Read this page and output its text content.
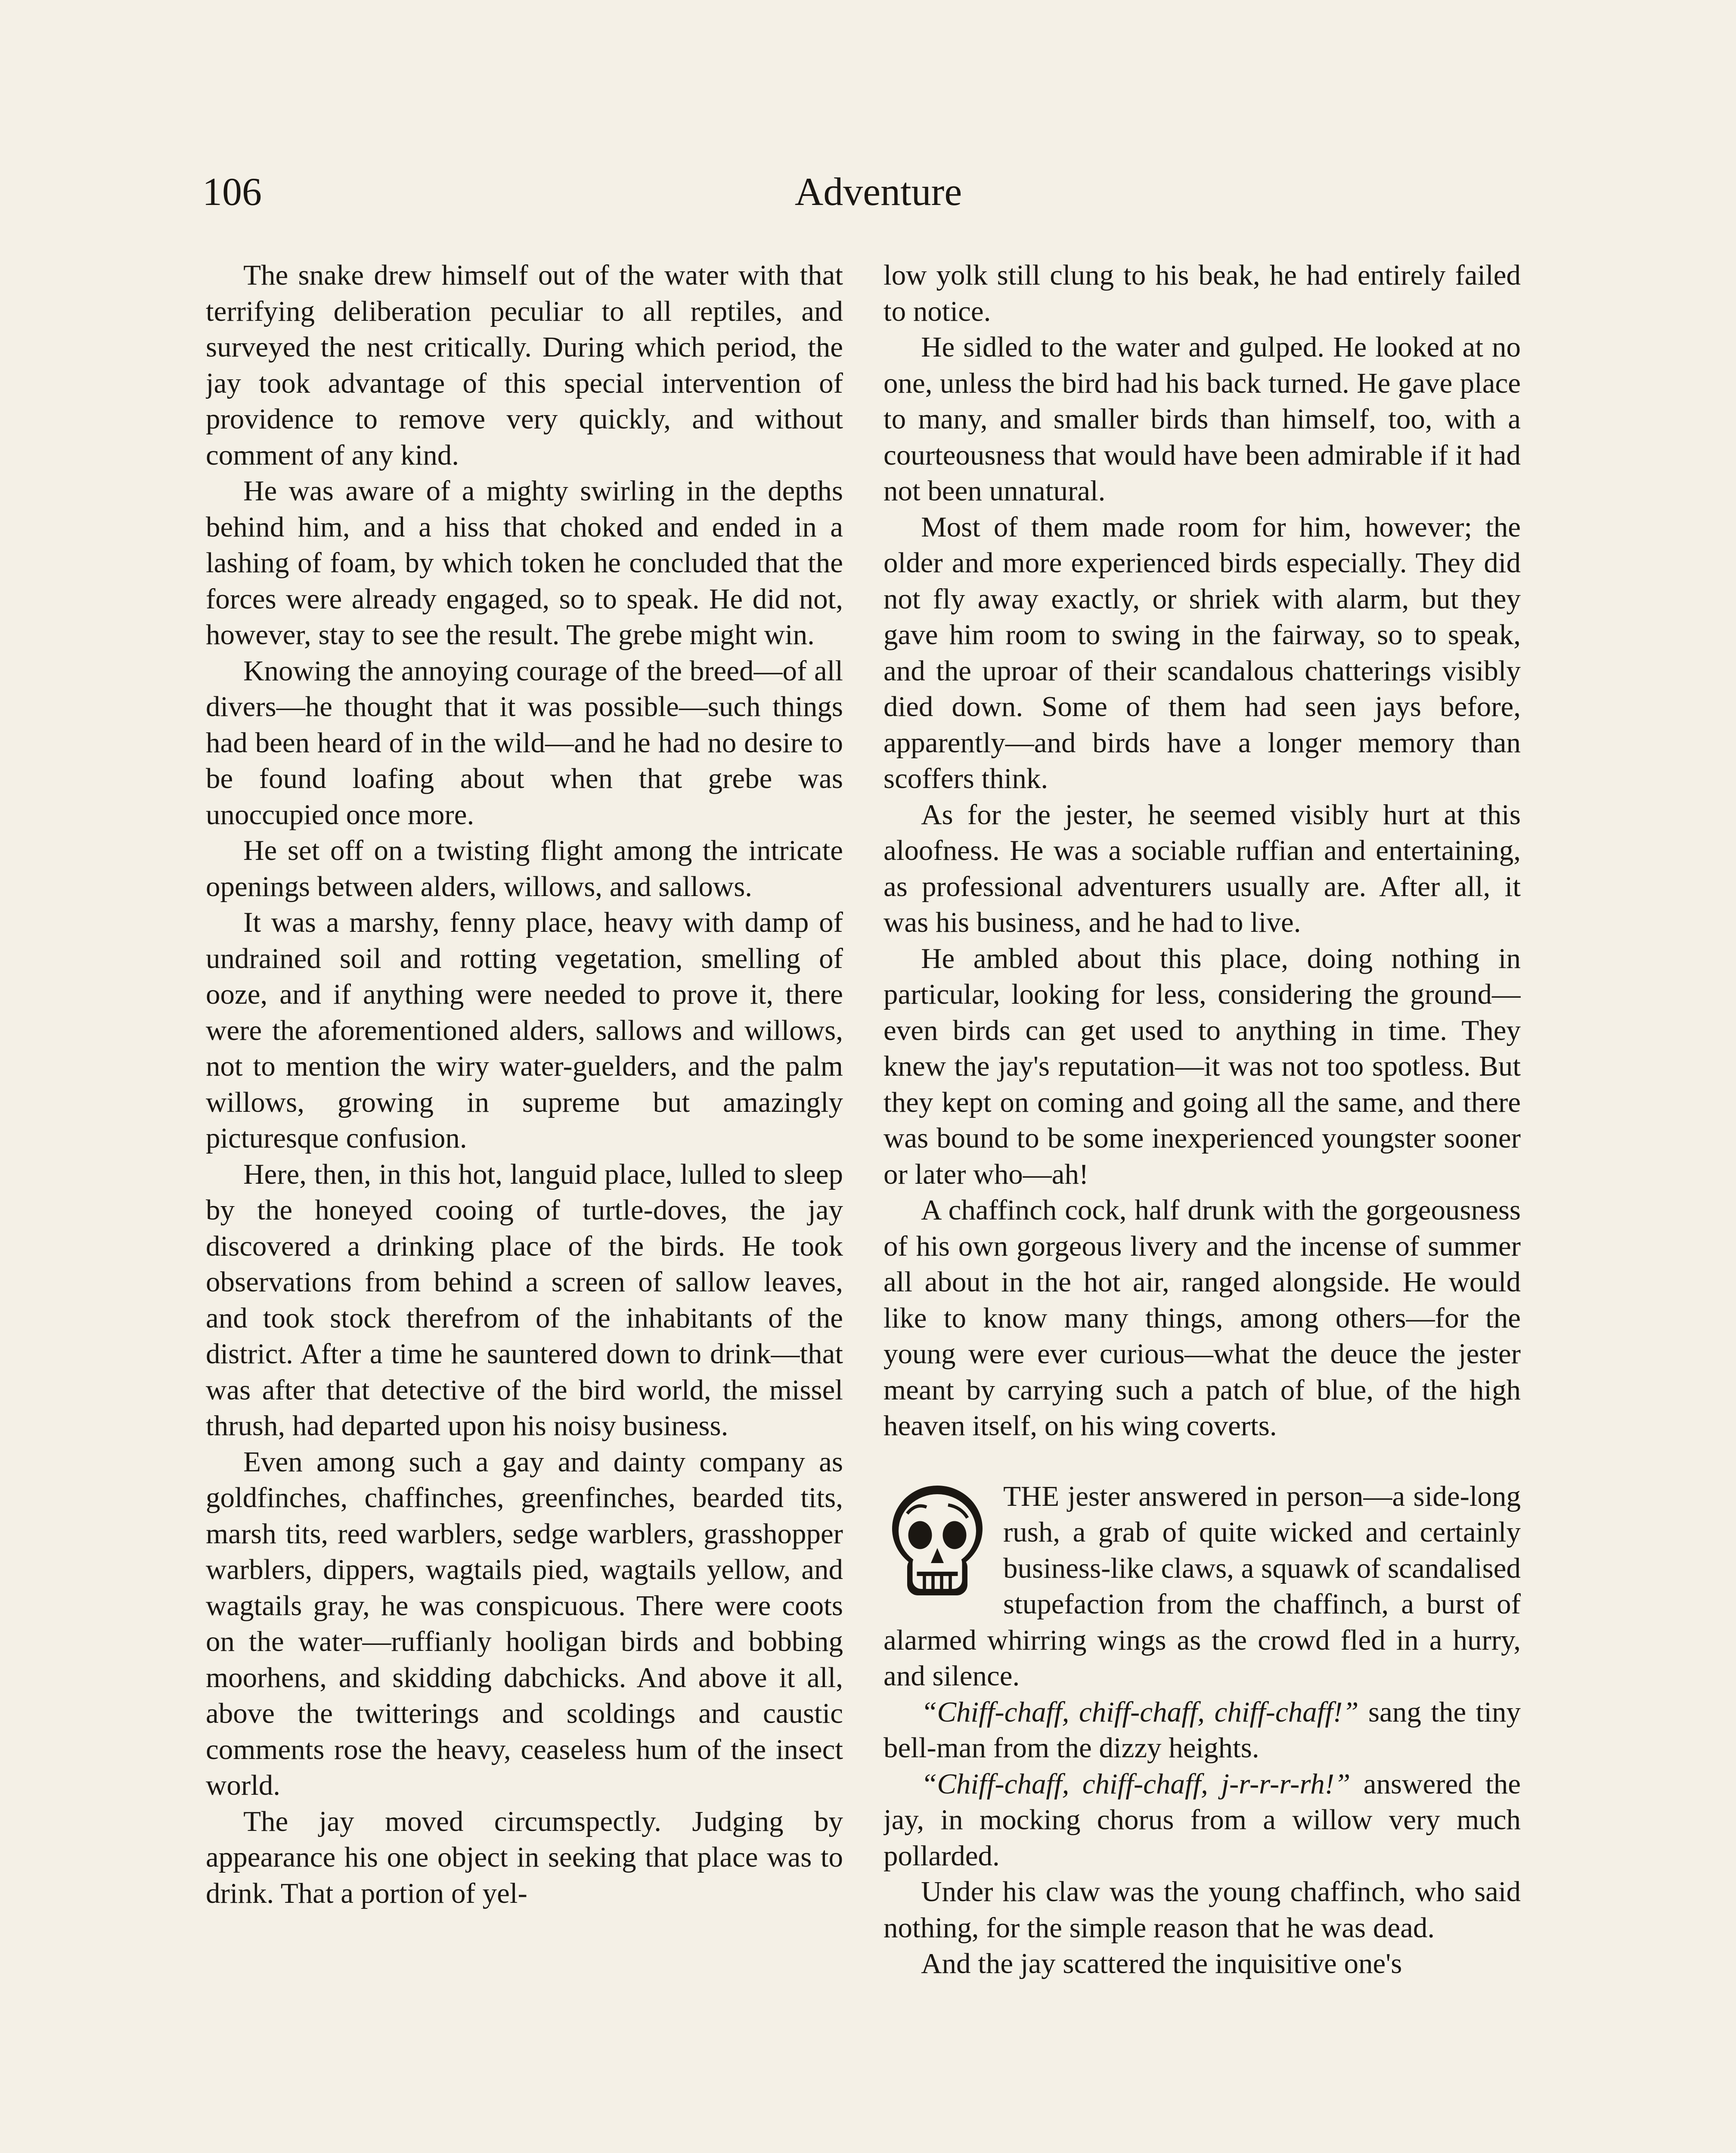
106	Adventure

The snake drew himself out of the water with that terrifying deliberation peculiar to all reptiles, and surveyed the nest critically. During which period, the jay took advantage of this special intervention of providence to remove very quickly, and without comment of any kind.

He was aware of a mighty swirling in the depths behind him, and a hiss that choked and ended in a lashing of foam, by which token he concluded that the forces were already engaged, so to speak. He did not, however, stay to see the result. The grebe might win.

Knowing the annoying courage of the breed—of all divers—he thought that it was possible—such things had been heard of in the wild—and he had no desire to be found loafing about when that grebe was unoccupied once more.

He set off on a twisting flight among the intricate openings between alders, willows, and sallows.

It was a marshy, fenny place, heavy with damp of undrained soil and rotting vegetation, smelling of ooze, and if anything were needed to prove it, there were the aforementioned alders, sallows and willows, not to mention the wiry water-guelders, and the palm willows, growing in supreme but amazingly picturesque confusion.

Here, then, in this hot, languid place, lulled to sleep by the honeyed cooing of turtle-doves, the jay discovered a drinking place of the birds. He took observations from behind a screen of sallow leaves, and took stock therefrom of the inhabitants of the district. After a time he sauntered down to drink—that was after that detective of the bird world, the missel thrush, had departed upon his noisy business.

Even among such a gay and dainty company as goldfinches, chaffinches, greenfinches, bearded tits, marsh tits, reed warblers, sedge warblers, grasshopper warblers, dippers, wagtails pied, wagtails yellow, and wagtails gray, he was conspicuous. There were coots on the water—ruffianly hooligan birds and bobbing moorhens, and skidding dabchicks. And above it all, above the twitterings and scoldings and caustic comments rose the heavy, ceaseless hum of the insect world.

The jay moved circumspectly. Judging by appearance his one object in seeking that place was to drink. That a portion of yel-

low yolk still clung to his beak, he had entirely failed to notice.

He sidled to the water and gulped. He looked at no one, unless the bird had his back turned. He gave place to many, and smaller birds than himself, too, with a courteousness that would have been admirable if it had not been unnatural.

Most of them made room for him, however; the older and more experienced birds especially. They did not fly away exactly, or shriek with alarm, but they gave him room to swing in the fairway, so to speak, and the uproar of their scandalous chatterings visibly died down. Some of them had seen jays before, apparently—and birds have a longer memory than scoffers think.

As for the jester, he seemed visibly hurt at this aloofness. He was a sociable ruffian and entertaining, as professional adventurers usually are. After all, it was his business, and he had to live.

He ambled about this place, doing nothing in particular, looking for less, considering the ground—even birds can get used to anything in time. They knew the jay's reputation—it was not too spotless. But they kept on coming and going all the same, and there was bound to be some inexperienced youngster sooner or later who—ah!

A chaffinch cock, half drunk with the gorgeousness of his own gorgeous livery and the incense of summer all about in the hot air, ranged alongside. He would like to know many things, among others—for the young were ever curious—what the deuce the jester meant by carrying such a patch of blue, of the high heaven itself, on his wing coverts.

THE jester answered in person—a side-long rush, a grab of quite wicked and certainly business-like claws, a squawk of scandalised stupefaction from the chaffinch, a burst of alarmed whirring wings as the crowd fled in a hurry, and silence.

“Chiff-chaff, chiff-chaff, chiff-chaff!” sang the tiny bell-man from the dizzy heights.

“Chiff-chaff, chiff-chaff, j-r-r-r-rh!” answered the jay, in mocking chorus from a willow very much pollarded.

Under his claw was the young chaffinch, who said nothing, for the simple reason that he was dead.

And the jay scattered the inquisitive one's
